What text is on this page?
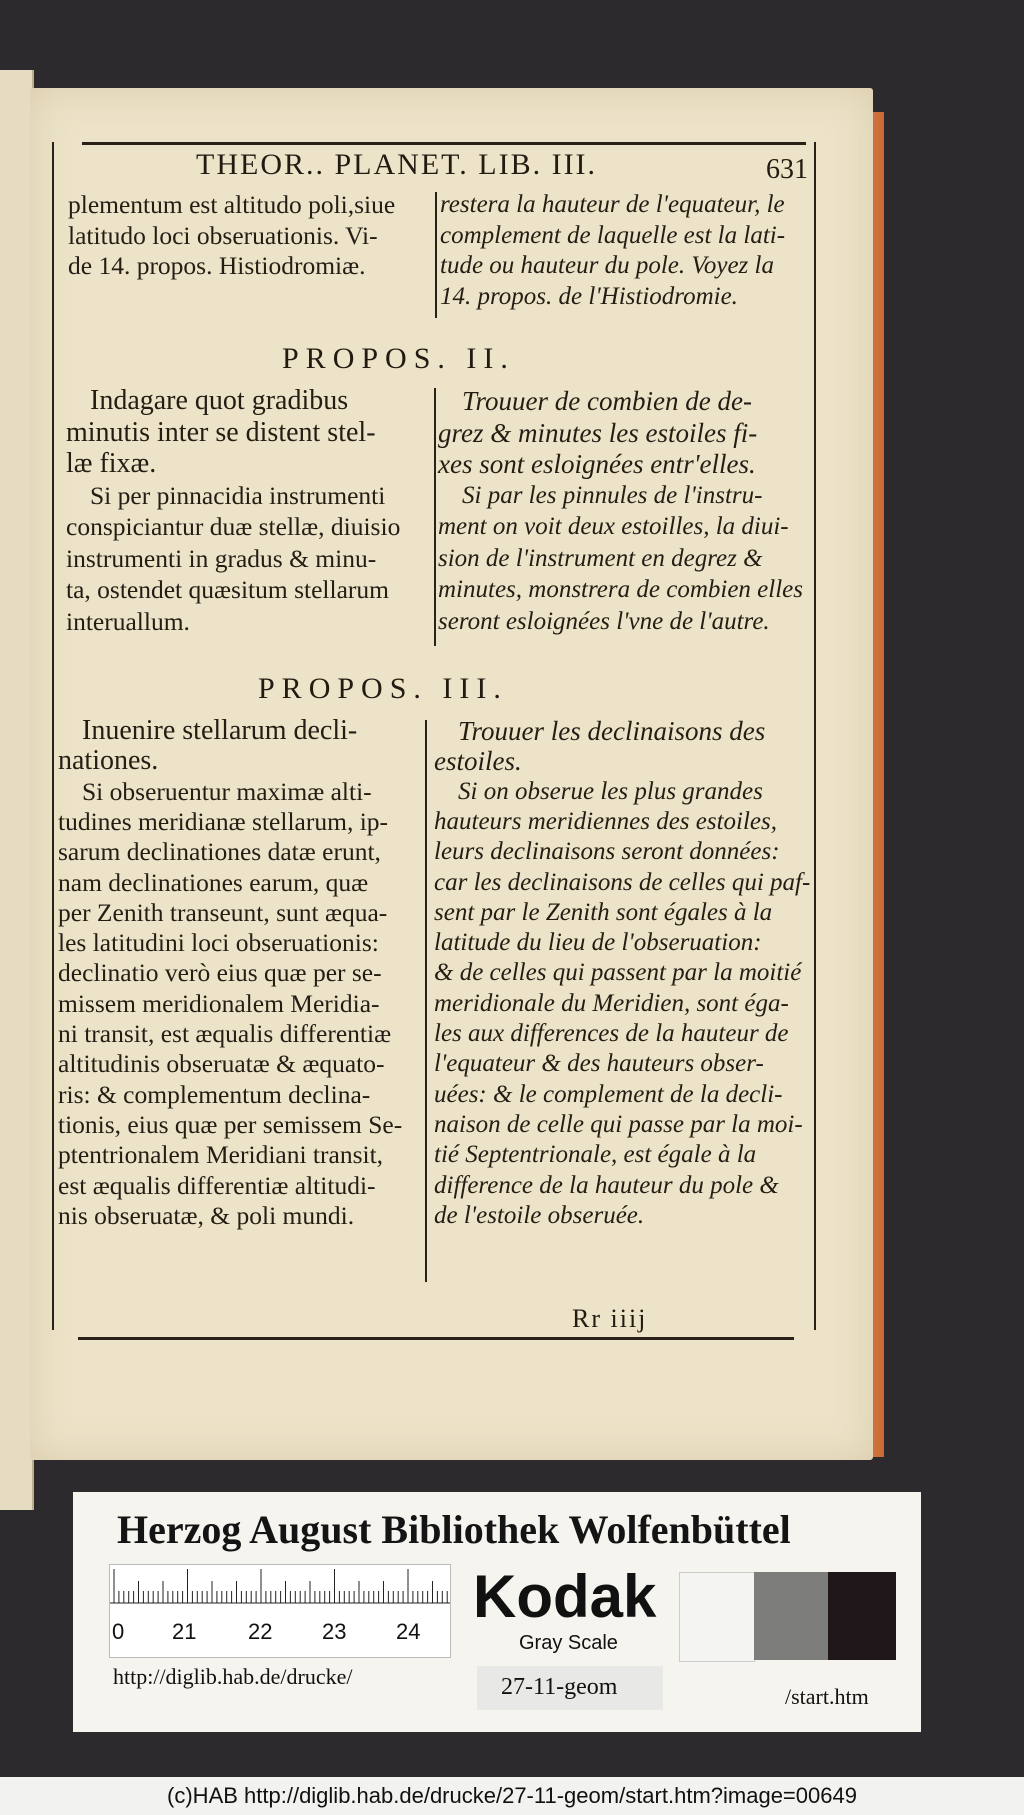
THEOR.. PLANET. LIB. III.	631
plementum est altitudo poli,siue
latitudo loci obseruationis. Vi-
de 14. propos. Histiodromiæ.
restera la hauteur de l'equateur, le
complement de laquelle est la lati-
tude ou hauteur du pole. Voyez la
14. propos. de l'Histiodromie.
PROPOS. II.
Indagare quot gradibus
minutis inter se distent stel-
læ fixæ.
Si per pinnacidia instrumenti
conspiciantur duæ stellæ, diuisio
instrumenti in gradus & minu-
ta, ostendet quæsitum stellarum
interuallum.
Trouuer de combien de de-
grez & minutes les estoiles fi-
xes sont esloignées entr'elles.
Si par les pinnules de l'instru-
ment on voit deux estoilles, la diui-
sion de l'instrument en degrez &
minutes, monstrera de combien elles
seront esloignées l'vne de l'autre.
PROPOS. III.
Inuenire stellarum decli-
nationes.
Si obseruentur maximæ alti-
tudines meridianæ stellarum, ip-
sarum declinationes datæ erunt,
nam declinationes earum, quæ
per Zenith transeunt, sunt æqua-
les latitudini loci obseruationis:
declinatio verò eius quæ per se-
missem meridionalem Meridia-
ni transit, est æqualis differentiæ
altitudinis obseruatæ & æquato-
ris: & complementum declina-
tionis, eius quæ per semissem Se-
ptentrionalem Meridiani transit,
est æqualis differentiæ altitudi-
nis obseruatæ, & poli mundi.
Trouuer les declinaisons des
estoiles.
Si on obserue les plus grandes
hauteurs meridiennes des estoiles,
leurs declinaisons seront données:
car les declinaisons de celles qui paf-
sent par le Zenith sont égales à la
latitude du lieu de l'obseruation:
& de celles qui passent par la moitié
meridionale du Meridien, sont éga-
les aux differences de la hauteur de
l'equateur & des hauteurs obser-
uées: & le complement de la decli-
naison de celle qui passe par la moi-
tié Septentrionale, est égale à la
difference de la hauteur du pole &
de l'estoile obseruée.
Rr iiij
Herzog August Bibliothek Wolfenbüttel
0 21 22 23 24
Kodak
Gray Scale
http://diglib.hab.de/drucke/	27-11-geom	/start.htm
(c)HAB http://diglib.hab.de/drucke/27-11-geom/start.htm?image=00649
